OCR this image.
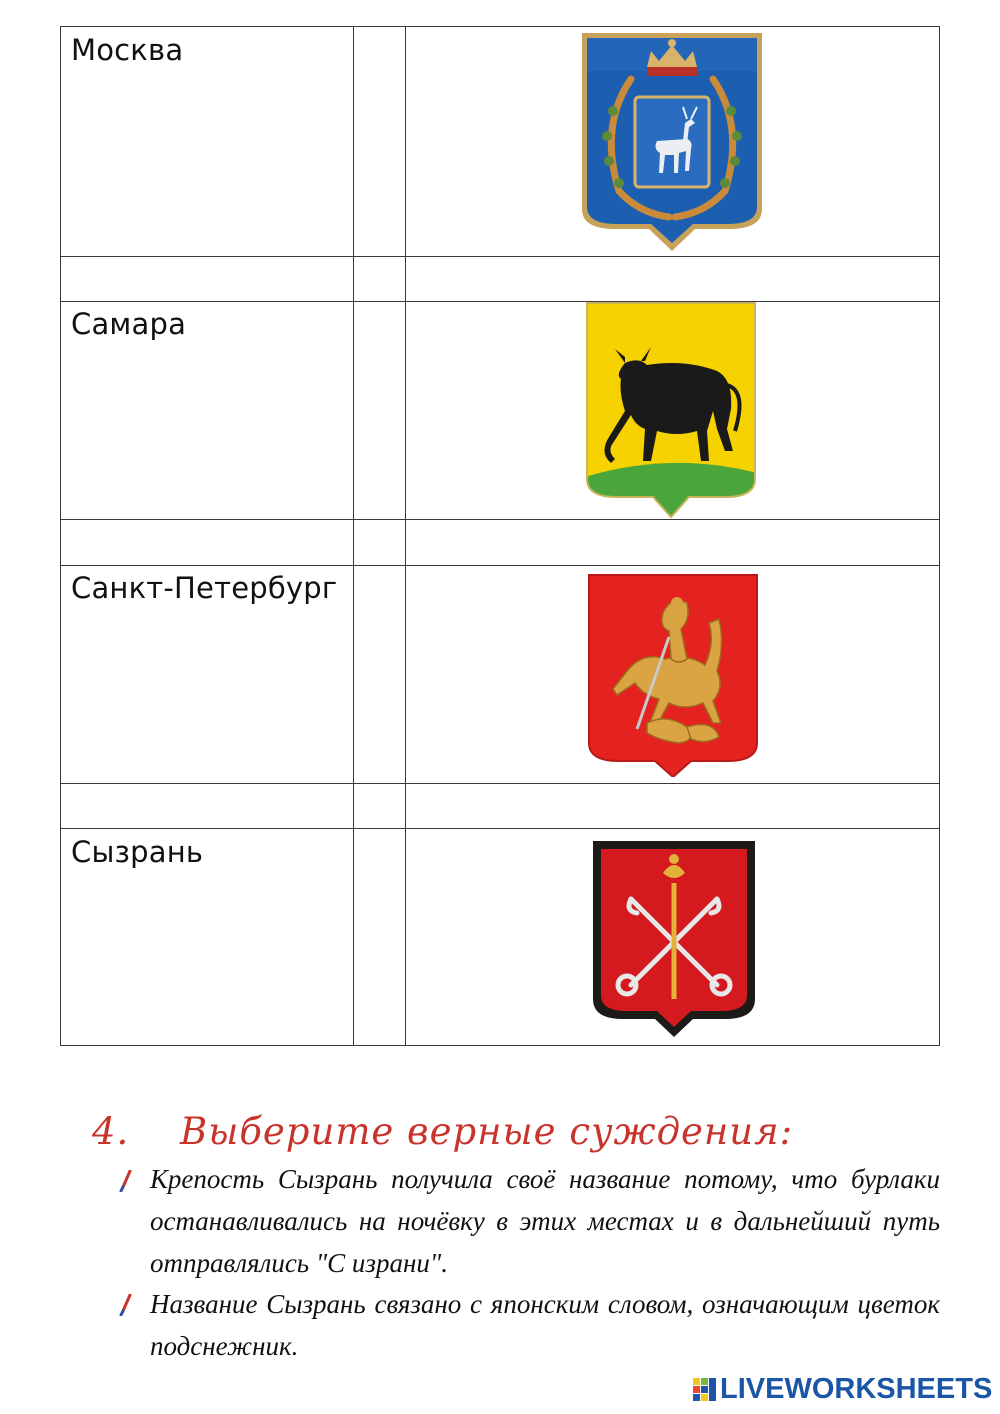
Москва
Самара
Санкт-Петербург
Сызрань
4. Выберите верные суждения:
Крепость Сызрань получила своё название потому, что бурлаки останавливались на ночёвку в этих местах и в дальнейший путь отправлялись "С израни".
Название Сызрань связано с японским словом, означающим цветок подснежник.
LIVEWORKSHEETS
